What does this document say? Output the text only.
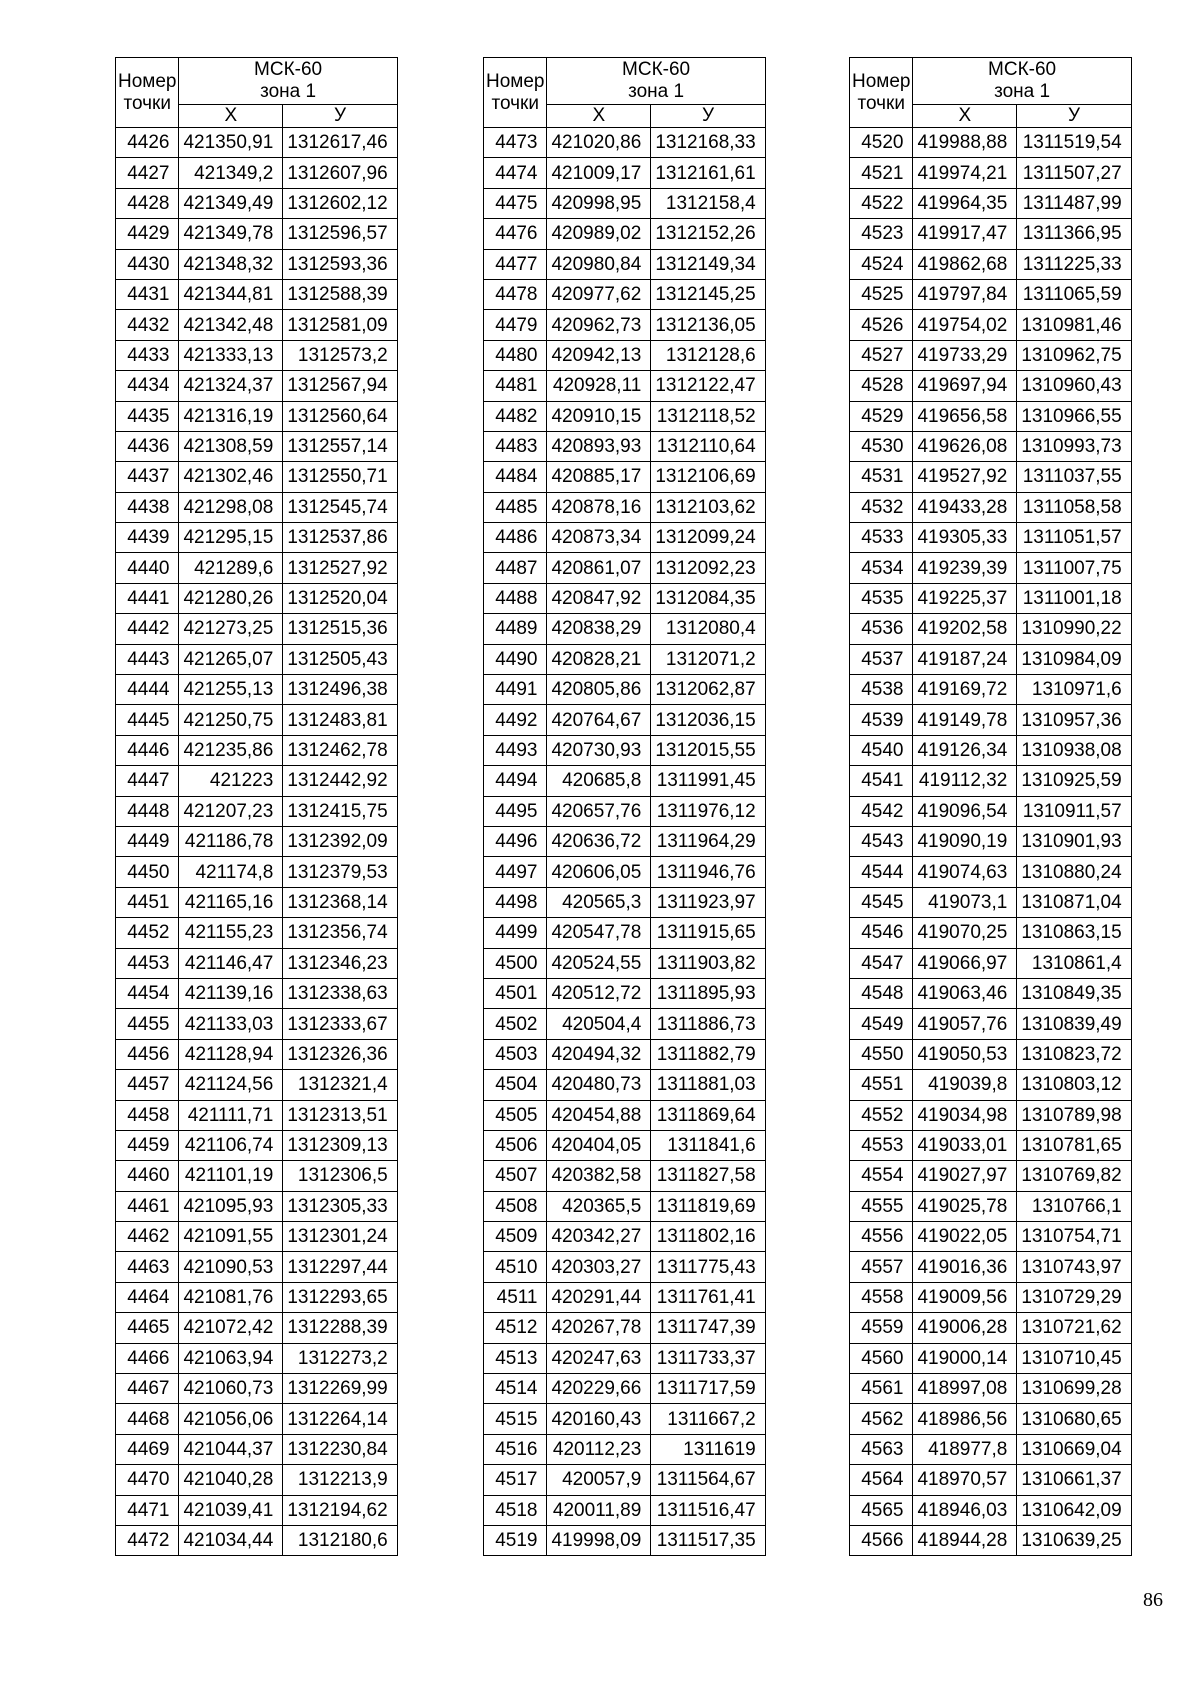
Номер
точки	МСК-60
зона 1	

	Х	У
4426	421350,91	1312617,46
4427	421349,2	1312607,96
4428	421349,49	1312602,12
4429	421349,78	1312596,57
4430	421348,32	1312593,36
4431	421344,81	1312588,39
4432	421342,48	1312581,09
4433	421333,13	1312573,2
4434	421324,37	1312567,94
4435	421316,19	1312560,64
4436	421308,59	1312557,14
4437	421302,46	1312550,71
4438	421298,08	1312545,74
4439	421295,15	1312537,86
4440	421289,6	1312527,92
4441	421280,26	1312520,04
4442	421273,25	1312515,36
4443	421265,07	1312505,43
4444	421255,13	1312496,38
4445	421250,75	1312483,81
4446	421235,86	1312462,78
4447	421223	1312442,92
4448	421207,23	1312415,75
4449	421186,78	1312392,09
4450	421174,8	1312379,53
4451	421165,16	1312368,14
4452	421155,23	1312356,74
4453	421146,47	1312346,23
4454	421139,16	1312338,63
4455	421133,03	1312333,67
4456	421128,94	1312326,36
4457	421124,56	1312321,4
4458	421111,71	1312313,51
4459	421106,74	1312309,13
4460	421101,19	1312306,5
4461	421095,93	1312305,33
4462	421091,55	1312301,24
4463	421090,53	1312297,44
4464	421081,76	1312293,65
4465	421072,42	1312288,39
4466	421063,94	1312273,2
4467	421060,73	1312269,99
4468	421056,06	1312264,14
4469	421044,37	1312230,84
4470	421040,28	1312213,9
4471	421039,41	1312194,62
4472	421034,44	1312180,6
Номер
точки	МСК-60
зона 1	

	Х	У
4473	421020,86	1312168,33
4474	421009,17	1312161,61
4475	420998,95	1312158,4
4476	420989,02	1312152,26
4477	420980,84	1312149,34
4478	420977,62	1312145,25
4479	420962,73	1312136,05
4480	420942,13	1312128,6
4481	420928,11	1312122,47
4482	420910,15	1312118,52
4483	420893,93	1312110,64
4484	420885,17	1312106,69
4485	420878,16	1312103,62
4486	420873,34	1312099,24
4487	420861,07	1312092,23
4488	420847,92	1312084,35
4489	420838,29	1312080,4
4490	420828,21	1312071,2
4491	420805,86	1312062,87
4492	420764,67	1312036,15
4493	420730,93	1312015,55
4494	420685,8	1311991,45
4495	420657,76	1311976,12
4496	420636,72	1311964,29
4497	420606,05	1311946,76
4498	420565,3	1311923,97
4499	420547,78	1311915,65
4500	420524,55	1311903,82
4501	420512,72	1311895,93
4502	420504,4	1311886,73
4503	420494,32	1311882,79
4504	420480,73	1311881,03
4505	420454,88	1311869,64
4506	420404,05	1311841,6
4507	420382,58	1311827,58
4508	420365,5	1311819,69
4509	420342,27	1311802,16
4510	420303,27	1311775,43
4511	420291,44	1311761,41
4512	420267,78	1311747,39
4513	420247,63	1311733,37
4514	420229,66	1311717,59
4515	420160,43	1311667,2
4516	420112,23	1311619
4517	420057,9	1311564,67
4518	420011,89	1311516,47
4519	419998,09	1311517,35
Номер
точки	МСК-60
зона 1	

	Х	У
4520	419988,88	1311519,54
4521	419974,21	1311507,27
4522	419964,35	1311487,99
4523	419917,47	1311366,95
4524	419862,68	1311225,33
4525	419797,84	1311065,59
4526	419754,02	1310981,46
4527	419733,29	1310962,75
4528	419697,94	1310960,43
4529	419656,58	1310966,55
4530	419626,08	1310993,73
4531	419527,92	1311037,55
4532	419433,28	1311058,58
4533	419305,33	1311051,57
4534	419239,39	1311007,75
4535	419225,37	1311001,18
4536	419202,58	1310990,22
4537	419187,24	1310984,09
4538	419169,72	1310971,6
4539	419149,78	1310957,36
4540	419126,34	1310938,08
4541	419112,32	1310925,59
4542	419096,54	1310911,57
4543	419090,19	1310901,93
4544	419074,63	1310880,24
4545	419073,1	1310871,04
4546	419070,25	1310863,15
4547	419066,97	1310861,4
4548	419063,46	1310849,35
4549	419057,76	1310839,49
4550	419050,53	1310823,72
4551	419039,8	1310803,12
4552	419034,98	1310789,98
4553	419033,01	1310781,65
4554	419027,97	1310769,82
4555	419025,78	1310766,1
4556	419022,05	1310754,71
4557	419016,36	1310743,97
4558	419009,56	1310729,29
4559	419006,28	1310721,62
4560	419000,14	1310710,45
4561	418997,08	1310699,28
4562	418986,56	1310680,65
4563	418977,8	1310669,04
4564	418970,57	1310661,37
4565	418946,03	1310642,09
4566	418944,28	1310639,25
86
